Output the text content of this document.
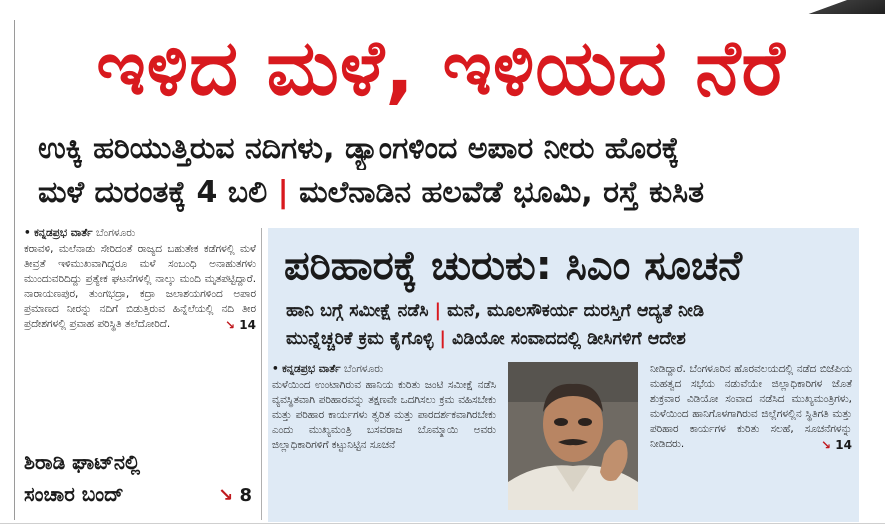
ಇಳಿದ ಮಳೆ, ಇಳಿಯದ ನೆರೆ

ಉಕ್ಕಿ ಹರಿಯುತ್ತಿರುವ ನದಿಗಳು, ಡ್ಯಾಂಗಳಿಂದ ಅಪಾರ ನೀರು ಹೊರಕ್ಕೆ

ಮಳೆ ದುರಂತಕ್ಕೆ 4 ಬಲಿ | ಮಲೆನಾಡಿನ ಹಲವೆಡೆ ಭೂಮಿ, ರಸ್ತೆ ಕುಸಿತ

• ಕನ್ನಡಪ್ರಭ ವಾರ್ತೆ ಬೆಂಗಳೂರು

ಕರಾವಳಿ, ಮಲೆನಾಡು ಸೇರಿದಂತೆ ರಾಜ್ಯದ ಬಹುತೇಕ ಕಡೆಗಳಲ್ಲಿ ಮಳೆ ತೀವ್ರತೆ ಇಳಿಮುಖವಾಗಿದ್ದರೂ ಮಳೆ ಸಂಬಂಧಿ ಅನಾಹುತಗಳು ಮುಂದುವರಿದಿದ್ದು ಪ್ರತ್ಯೇಕ ಘಟನೆಗಳಲ್ಲಿ ನಾಲ್ಕು ಮಂದಿ ಮೃತಪಟ್ಟಿದ್ದಾರೆ. ನಾರಾಯಣಪುರ, ತುಂಗಭದ್ರಾ, ಕದ್ರಾ ಜಲಾಶಯಗಳಿಂದ ಅಪಾರ ಪ್ರಮಾಣದ ನೀರನ್ನು ನದಿಗೆ ಬಿಡುತ್ತಿರುವ ಹಿನ್ನೆಲೆಯಲ್ಲಿ ನದಿ ತೀರ ಪ್ರದೇಶಗಳಲ್ಲಿ ಪ್ರವಾಹ ಪರಿಸ್ಥಿತಿ ತಲೆದೋರಿದೆ.	↘ 14

ಶಿರಾಡಿ ಘಾಟ್‌ನಲ್ಲಿ

ಸಂಚಾರ ಬಂದ್	↘ 8
ಪರಿಹಾರಕ್ಕೆ ಚುರುಕು: ಸಿಎಂ ಸೂಚನೆ

ಹಾನಿ ಬಗ್ಗೆ ಸಮೀಕ್ಷೆ ನಡೆಸಿ | ಮನೆ, ಮೂಲಸೌಕರ್ಯ ದುರಸ್ತಿಗೆ ಆದ್ಯತೆ ನೀಡಿ

ಮುನ್ನೆಚ್ಚರಿಕೆ ಕ್ರಮ ಕೈಗೊಳ್ಳಿ | ವಿಡಿಯೋ ಸಂವಾದದಲ್ಲಿ ಡೀಸಿಗಳಿಗೆ ಆದೇಶ

• ಕನ್ನಡಪ್ರಭ ವಾರ್ತೆ ಬೆಂಗಳೂರು

ಮಳೆಯಿಂದ ಉಂಟಾಗಿರುವ ಹಾನಿಯ ಕುರಿತು ಜಂಟಿ ಸಮೀಕ್ಷೆ ನಡೆಸಿ ವ್ಯವಸ್ಥಿತವಾಗಿ ಪರಿಹಾರವನ್ನು ತಕ್ಷಣವೇ ಒದಗಿಸಲು ಕ್ರಮ ವಹಿಸಬೇಕು ಮತ್ತು ಪರಿಹಾರ ಕಾರ್ಯಗಳು ತ್ವರಿತ ಮತ್ತು ಪಾರದರ್ಶಕವಾಗಿರಬೇಕು ಎಂದು ಮುಖ್ಯಮಂತ್ರಿ ಬಸವರಾಜ ಬೊಮ್ಮಾಯಿ ಅವರು ಜಿಲ್ಲಾಧಿಕಾರಿಗಳಿಗೆ ಕಟ್ಟುನಿಟ್ಟಿನ ಸೂಚನೆ

ನೀಡಿದ್ದಾರೆ. ಬೆಂಗಳೂರಿನ ಹೊರವಲಯದಲ್ಲಿ ನಡೆದ ಬಿಜೆಪಿಯ ಮಹತ್ವದ ಸಭೆಯ ನಡುವೆಯೇ ಜಿಲ್ಲಾಧಿಕಾರಿಗಳ ಜೊತೆ ಶುಕ್ರವಾರ ವಿಡಿಯೋ ಸಂವಾದ ನಡೆಸಿದ ಮುಖ್ಯಮಂತ್ರಿಗಳು, ಮಳೆಯಿಂದ ಹಾನಿಗೊಳಗಾಗಿರುವ ಜಿಲ್ಲೆಗಳಲ್ಲಿನ ಸ್ಥಿತಿಗತಿ ಮತ್ತು ಪರಿಹಾರ ಕಾರ್ಯಗಳ ಕುರಿತು ಸಲಹೆ, ಸೂಚನೆಗಳನ್ನು ನೀಡಿದರು.	↘ 14
